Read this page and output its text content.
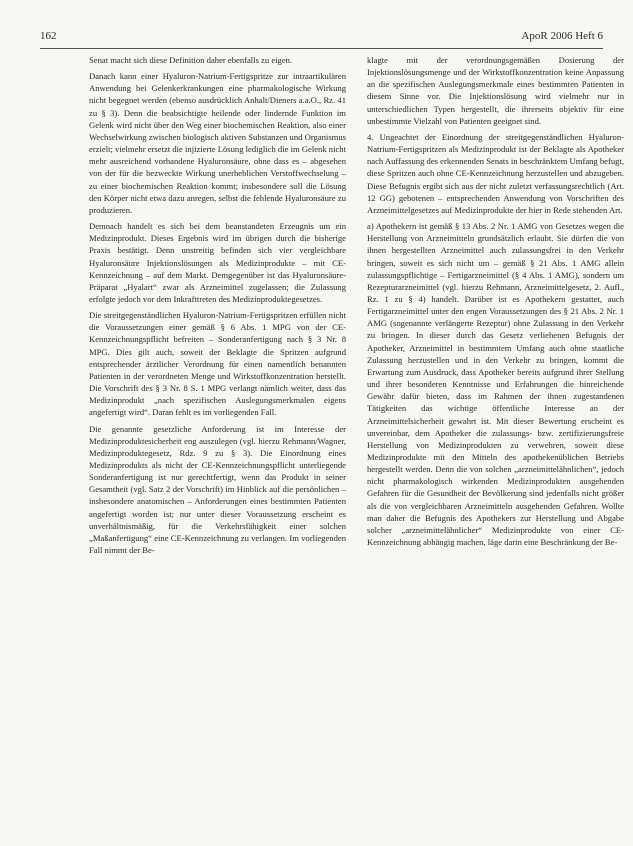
162	ApoR 2006 Heft 6

Senat macht sich diese Definition daher ebenfalls zu eigen.

Danach kann einer Hyaluron-Natrium-Fertigspritze zur intraartikulären Anwendung bei Gelenkerkrankungen eine pharmakologische Wirkung nicht begegnet werden (ebenso ausdrücklich Anhalt/Dieners a.a.O., Rz. 41 zu § 3). Denn die beabsichtigte heilende oder lindernde Funktion im Gelenk wird nicht über den Weg einer biochemischen Reaktion, also einer Wechselwirkung zwischen biologisch aktiven Substanzen und Organismus erzielt; vielmehr ersetzt die injizierte Lösung lediglich die im Gelenk nicht mehr ausreichend vorhandene Hyaluronsäure, ohne dass es – abgesehen von der für die bezweckte Wirkung unerheblichen Verstoffwechselung – zu einer biochemischen Reaktion kommt; insbesondere soll die Lösung den Körper nicht etwa dazu anregen, selbst die fehlende Hyaluronsäure zu produzieren.

Demnach handelt es sich bei dem beanstandeten Erzeugnis um ein Medizinprodukt. Dieses Ergebnis wird im übrigen durch die bisherige Praxis bestätigt. Denn unstreitig befinden sich vier vergleichbare Hyaluronsäure Injektionslösungen als Medizinprodukte – mit CE-Kennzeichnung – auf dem Markt. Demgegenüber ist das Hyaluronsäure-Präparat „Hyalart“ zwar als Arzneimittel zugelassen; die Zulassung erfolgte jedoch vor dem Inkrafttreten des Medizinproduktegesetzes.

Die streitgegenständlichen Hyaluron-Natrium-Fertigspritzen erfüllen nicht die Voraussetzungen einer gemäß § 6 Abs. 1 MPG von der CE-Kennzeichnungspflicht befreiten – Sonderanfertigung nach § 3 Nr. 8 MPG. Dies gilt auch, soweit der Beklagte die Spritzen aufgrund entsprechender ärztlicher Verordnung für einen namentlich benannten Patienten in der verordneten Menge und Wirkstoffkonzentration herstellt. Die Vorschrift des § 3 Nr. 8 S. 1 MPG verlangt nämlich weiter, dass das Medizinprodukt „nach spezifischen Auslegungsmerkmalen eigens angefertigt wird“. Daran fehlt es im vorliegenden Fall.

Die genannte gesetzliche Anforderung ist im Interesse der Medizinproduktesicherheit eng auszulegen (vgl. hierzu Rehmann/Wagner, Medizinproduktegesetz, Rdz. 9 zu § 3). Die Einordnung eines Medizinprodukts als nicht der CE-Kennzeichnungspflicht unterliegende Sonderanfertigung ist nur gerechtfertigt, wenn das Produkt in seiner Gesamtheit (vgl. Satz 2 der Vorschrift) im Hinblick auf die persönlichen – insbesondere anatomischen – Anforderungen eines bestimmten Patienten angefertigt worden ist; nur unter dieser Voraussetzung erscheint es unverhältnismäßig, für die Verkehrsfähigkeit einer solchen „Maßanfertigung“ eine CE-Kennzeichnung zu verlangen. Im vorliegenden Fall nimmt der Be-

klagte mit der verordnungsgemäßen Dosierung der Injektionslösungsmenge und der Wirkstoffkonzentration keine Anpassung an die spezifischen Auslegungsmerkmale eines bestimmten Patienten in diesem Sinne vor. Die Injektionslösung wird vielmehr nur in unterschiedlichen Typen hergestellt, die ihrerseits objektiv für eine unbestimmte Vielzahl von Patienten geeignet sind.

4. Ungeachtet der Einordnung der streitgegenständlichen Hyaluron-Natrium-Fertigspritzen als Medizinprodukt ist der Beklagte als Apotheker nach Auffassung des erkennenden Senats in beschränktem Umfang befugt, diese Spritzen auch ohne CE-Kennzeichnung herzustellen und abzugeben. Diese Befugnis ergibt sich aus der nicht zuletzt verfassungsrechtlich (Art. 12 GG) gebotenen – entsprechenden Anwendung von Vorschriften des Arzneimittelgesetzes auf Medizinprodukte der hier in Rede stehenden Art.

a) Apothekern ist gemäß § 13 Abs. 2 Nr. 1 AMG von Gesetzes wegen die Herstellung von Arzneimitteln grundsätzlich erlaubt. Sie dürfen die von ihnen hergestellten Arzneimittel auch zulassungsfrei in den Verkehr bringen, soweit es sich nicht um – gemäß § 21 Abs. 1 AMG allein zulassungspflichtige – Fertigarzneimittel (§ 4 Abs. 1 AMG), sondern um Rezepturarzneimittel (vgl. hierzu Rehmann, Arzneimittelgesetz, 2. Aufl., Rz. 1 zu § 4) handelt. Darüber ist es Apothekern gestattet, auch Fertigarzneimittel unter den engen Voraussetzungen des § 21 Abs. 2 Nr. 1 AMG (sogenannte verlängerte Rezeptur) ohne Zulassung in den Verkehr zu bringen. In dieser durch das Gesetz verliehenen Befugnis der Apotheker, Arzneimittel in bestimmtem Umfang auch ohne staatliche Zulassung herzustellen und in den Verkehr zu bringen, kommt die Erwartung zum Ausdruck, dass Apotheker bereits aufgrund ihrer Stellung und ihrer besonderen Kenntnisse und Erfahrungen die hinreichende Gewähr dafür bieten, dass im Rahmen der ihnen zugestandenen Tätigkeiten das wichtige öffentliche Interesse an der Arzneimittelsicherheit gewahrt ist. Mit dieser Bewertung erscheint es unvereinbar, dem Apotheker die zulassungs- bzw. zertifizierungsfreie Herstellung von Medizinprodukten zu verwehren, soweit diese Medizinprodukte mit den Mitteln des apothekenüblichen Betriebs hergestellt werden. Denn die von solchen „arzneimittelähnlichen“, jedoch nicht pharmakologisch wirkenden Medizinprodukten ausgehenden Gefahren für die Gesundheit der Bevölkerung sind jedenfalls nicht größer als die von vergleichbaren Arzneimitteln ausgehenden Gefahren. Wollte man daher die Befugnis des Apothekers zur Herstellung und Abgabe solcher „arzneimittelähnlicher“ Medizinprodukte von einer CE-Kennzeichnung abhängig machen, läge darin eine Beschränkung der Be-
